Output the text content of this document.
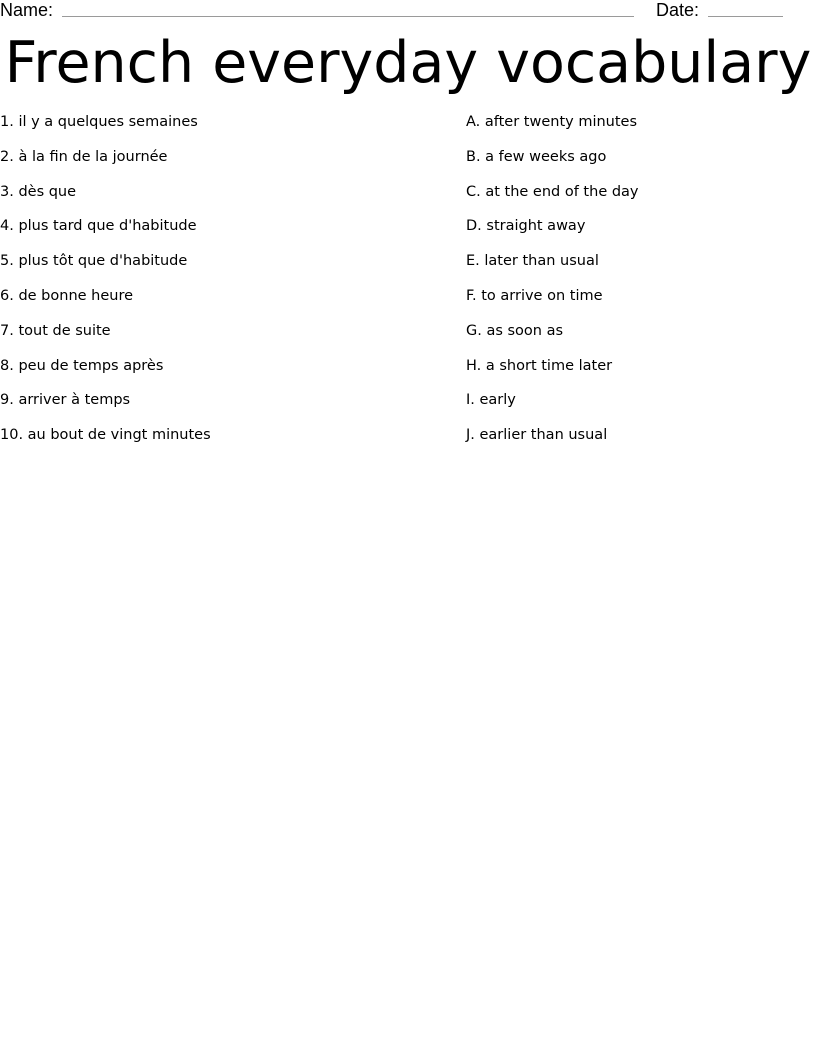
Name:	Date:
French everyday vocabulary
1. il y a quelques semaines
2. à la fin de la journée
3. dès que
4. plus tard que d'habitude
5. plus tôt que d'habitude
6. de bonne heure
7. tout de suite
8. peu de temps après
9. arriver à temps
10. au bout de vingt minutes
A. after twenty minutes
B. a few weeks ago
C. at the end of the day
D. straight away
E. later than usual
F. to arrive on time
G. as soon as
H. a short time later
I. early
J. earlier than usual
